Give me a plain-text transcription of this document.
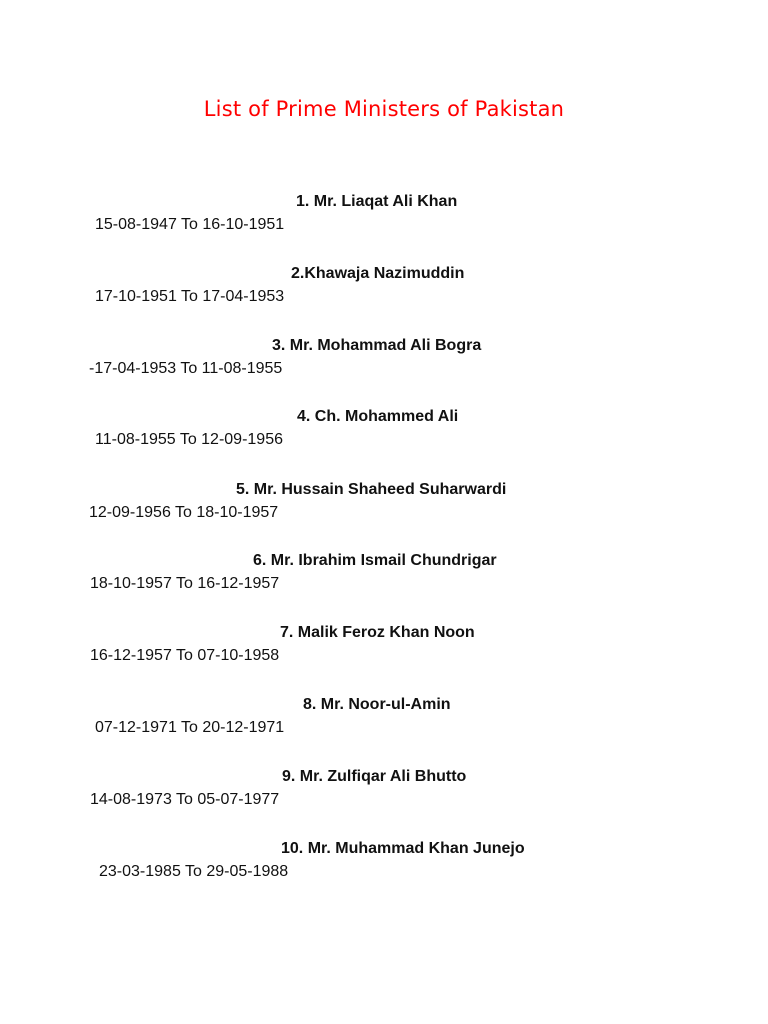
List of Prime Ministers of Pakistan
1. Mr. Liaqat Ali Khan
15-08-1947 To 16-10-1951
2.Khawaja Nazimuddin
17-10-1951 To 17-04-1953
3. Mr. Mohammad Ali Bogra
-17-04-1953 To 11-08-1955
4. Ch. Mohammed Ali
11-08-1955 To 12-09-1956
5. Mr. Hussain Shaheed Suharwardi
12-09-1956 To 18-10-1957
6. Mr. Ibrahim Ismail Chundrigar
18-10-1957 To 16-12-1957
7. Malik Feroz Khan Noon
16-12-1957 To 07-10-1958
8. Mr. Noor-ul-Amin
07-12-1971 To 20-12-1971
9. Mr. Zulfiqar Ali Bhutto
14-08-1973 To 05-07-1977
10. Mr. Muhammad Khan Junejo
23-03-1985 To 29-05-1988
